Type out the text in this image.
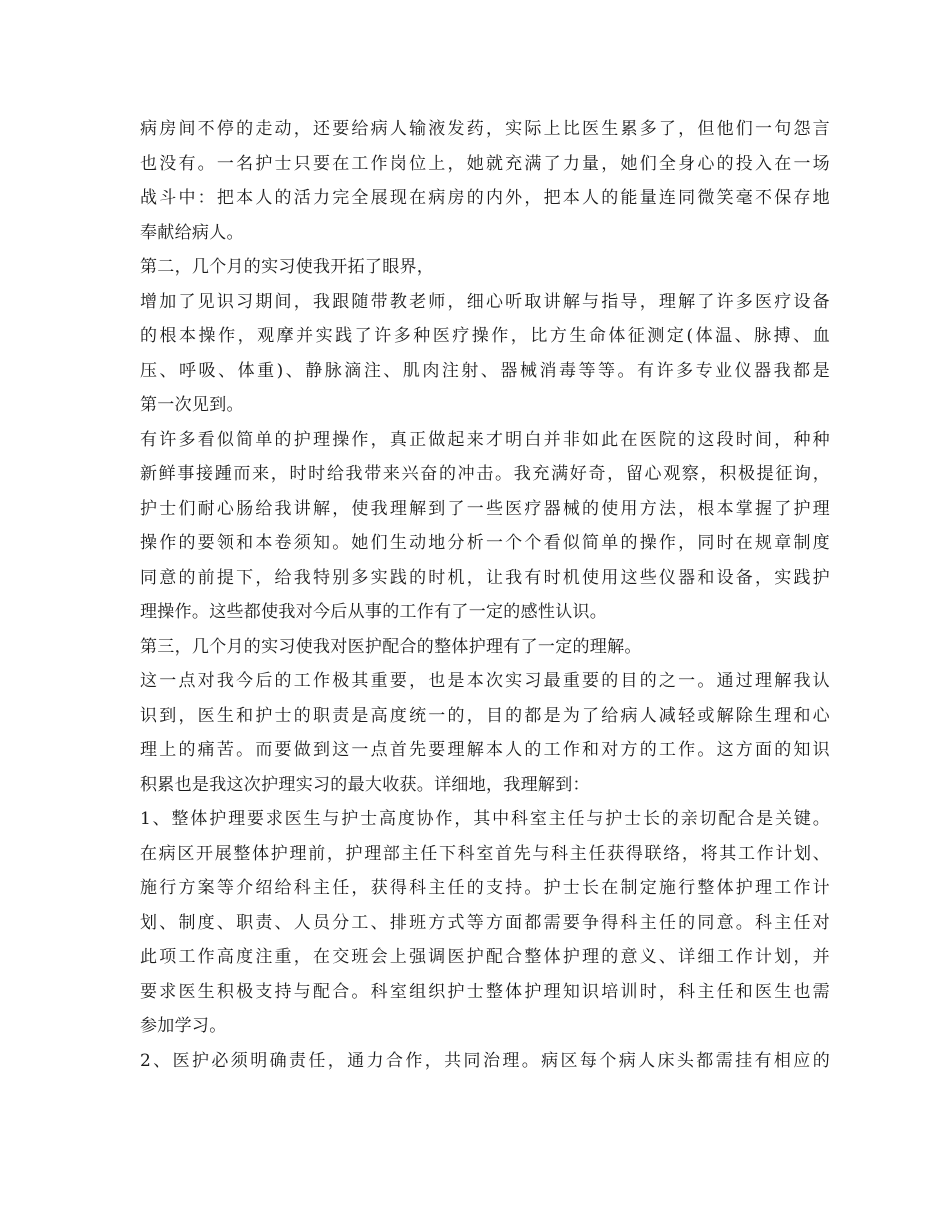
病房间不停的走动，还要给病人输液发药，实际上比医生累多了，但他们一句怨言
也没有。一名护士只要在工作岗位上，她就充满了力量，她们全身心的投入在一场
战斗中：把本人的活力完全展现在病房的内外，把本人的能量连同微笑毫不保存地
奉献给病人。
第二，几个月的实习使我开拓了眼界，
增加了见识习期间，我跟随带教老师，细心听取讲解与指导，理解了许多医疗设备
的根本操作，观摩并实践了许多种医疗操作，比方生命体征测定(体温、脉搏、血
压、呼吸、体重)、静脉滴注、肌肉注射、器械消毒等等。有许多专业仪器我都是
第一次见到。
有许多看似简单的护理操作，真正做起来才明白并非如此在医院的这段时间，种种
新鲜事接踵而来，时时给我带来兴奋的冲击。我充满好奇，留心观察，积极提征询，
护士们耐心肠给我讲解，使我理解到了一些医疗器械的使用方法，根本掌握了护理
操作的要领和本卷须知。她们生动地分析一个个看似简单的操作，同时在规章制度
同意的前提下，给我特别多实践的时机，让我有时机使用这些仪器和设备，实践护
理操作。这些都使我对今后从事的工作有了一定的感性认识。
第三，几个月的实习使我对医护配合的整体护理有了一定的理解。
这一点对我今后的工作极其重要，也是本次实习最重要的目的之一。通过理解我认
识到，医生和护士的职责是高度统一的，目的都是为了给病人减轻或解除生理和心
理上的痛苦。而要做到这一点首先要理解本人的工作和对方的工作。这方面的知识
积累也是我这次护理实习的最大收获。详细地，我理解到：
1、整体护理要求医生与护士高度协作，其中科室主任与护士长的亲切配合是关键。
在病区开展整体护理前，护理部主任下科室首先与科主任获得联络，将其工作计划、
施行方案等介绍给科主任，获得科主任的支持。护士长在制定施行整体护理工作计
划、制度、职责、人员分工、排班方式等方面都需要争得科主任的同意。科主任对
此项工作高度注重，在交班会上强调医护配合整体护理的意义、详细工作计划，并
要求医生积极支持与配合。科室组织护士整体护理知识培训时，科主任和医生也需
参加学习。
2、医护必须明确责任，通力合作，共同治理。病区每个病人床头都需挂有相应的
